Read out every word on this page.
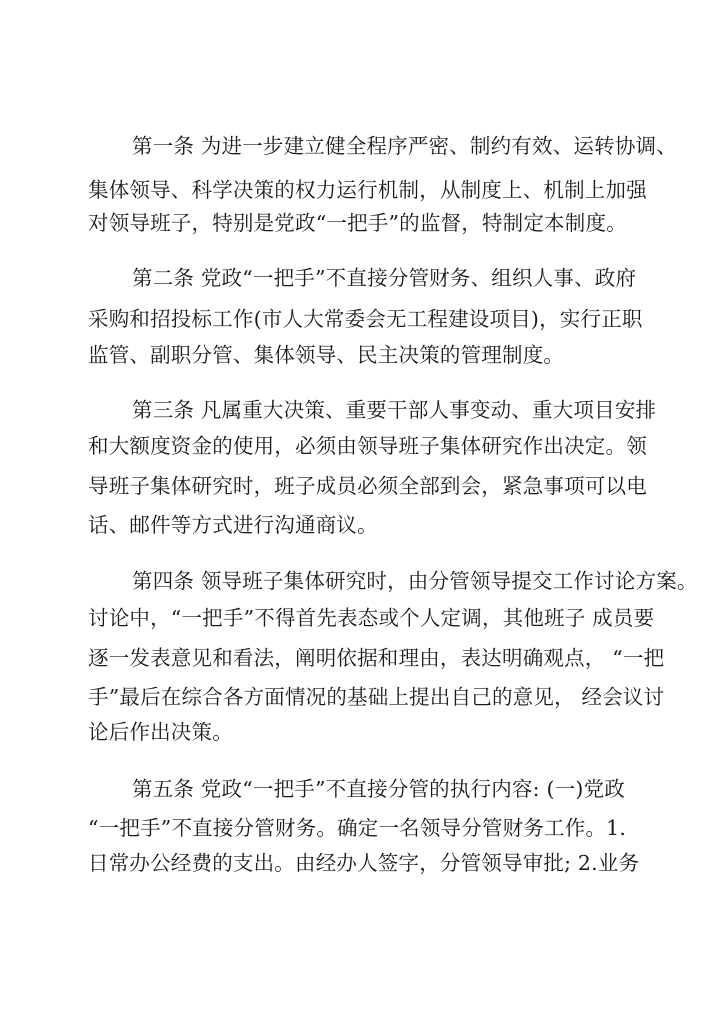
第一条 为进一步建立健全程序严密、制约有效、运转协调、
集体领导、科学决策的权力运行机制，从制度上、机制上加强
对领导班子，特别是党政“一把手”的监督，特制定本制度。
第二条 党政“一把手”不直接分管财务、组织人事、政府
采购和招投标工作(市人大常委会无工程建设项目)，实行正职
监管、副职分管、集体领导、民主决策的管理制度。
第三条 凡属重大决策、重要干部人事变动、重大项目安排
和大额度资金的使用，必须由领导班子集体研究作出决定。领
导班子集体研究时，班子成员必须全部到会，紧急事项可以电
话、邮件等方式进行沟通商议。
第四条 领导班子集体研究时，由分管领导提交工作讨论方案。
讨论中，“一把手”不得首先表态或个人定调，其他班子 成员要
逐一发表意见和看法，阐明依据和理由，表达明确观点， “一把
手”最后在综合各方面情况的基础上提出自己的意见， 经会议讨
论后作出决策。
第五条 党政“一把手”不直接分管的执行内容: (一)党政
“一把手”不直接分管财务。确定一名领导分管财务工作。1.
日常办公经费的支出。由经办人签字，分管领导审批; 2.业务
